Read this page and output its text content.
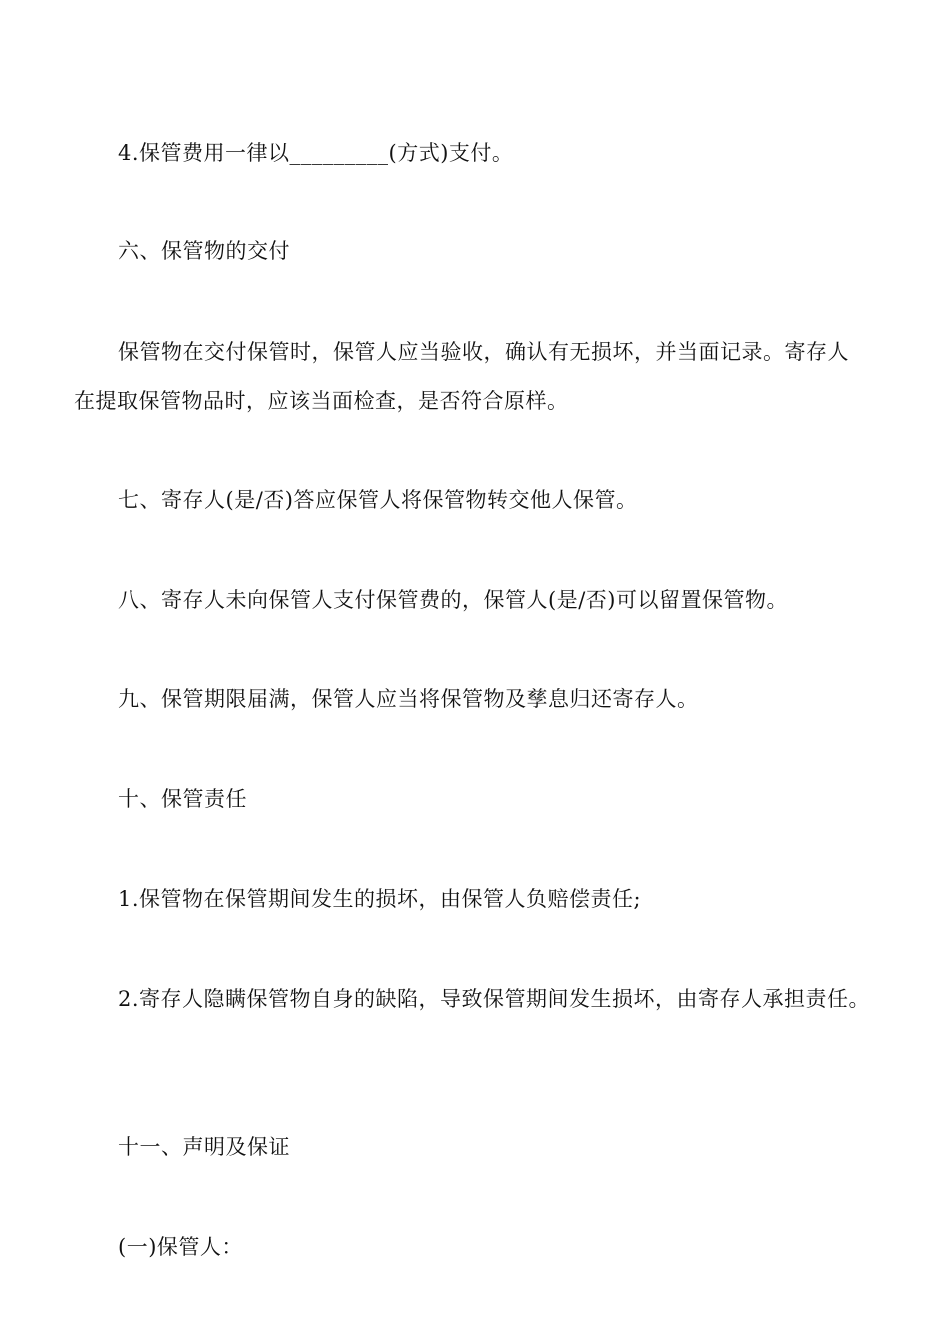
4.保管费用一律以_________(方式)支付。
六、保管物的交付
保管物在交付保管时，保管人应当验收，确认有无损坏，并当面记录。寄存人
在提取保管物品时，应该当面检查，是否符合原样。
七、寄存人(是/否)答应保管人将保管物转交他人保管。
八、寄存人未向保管人支付保管费的，保管人(是/否)可以留置保管物。
九、保管期限届满，保管人应当将保管物及孳息归还寄存人。
十、保管责任
1.保管物在保管期间发生的损坏，由保管人负赔偿责任;
2.寄存人隐瞒保管物自身的缺陷，导致保管期间发生损坏，由寄存人承担责任。
十一、声明及保证
(一)保管人：
